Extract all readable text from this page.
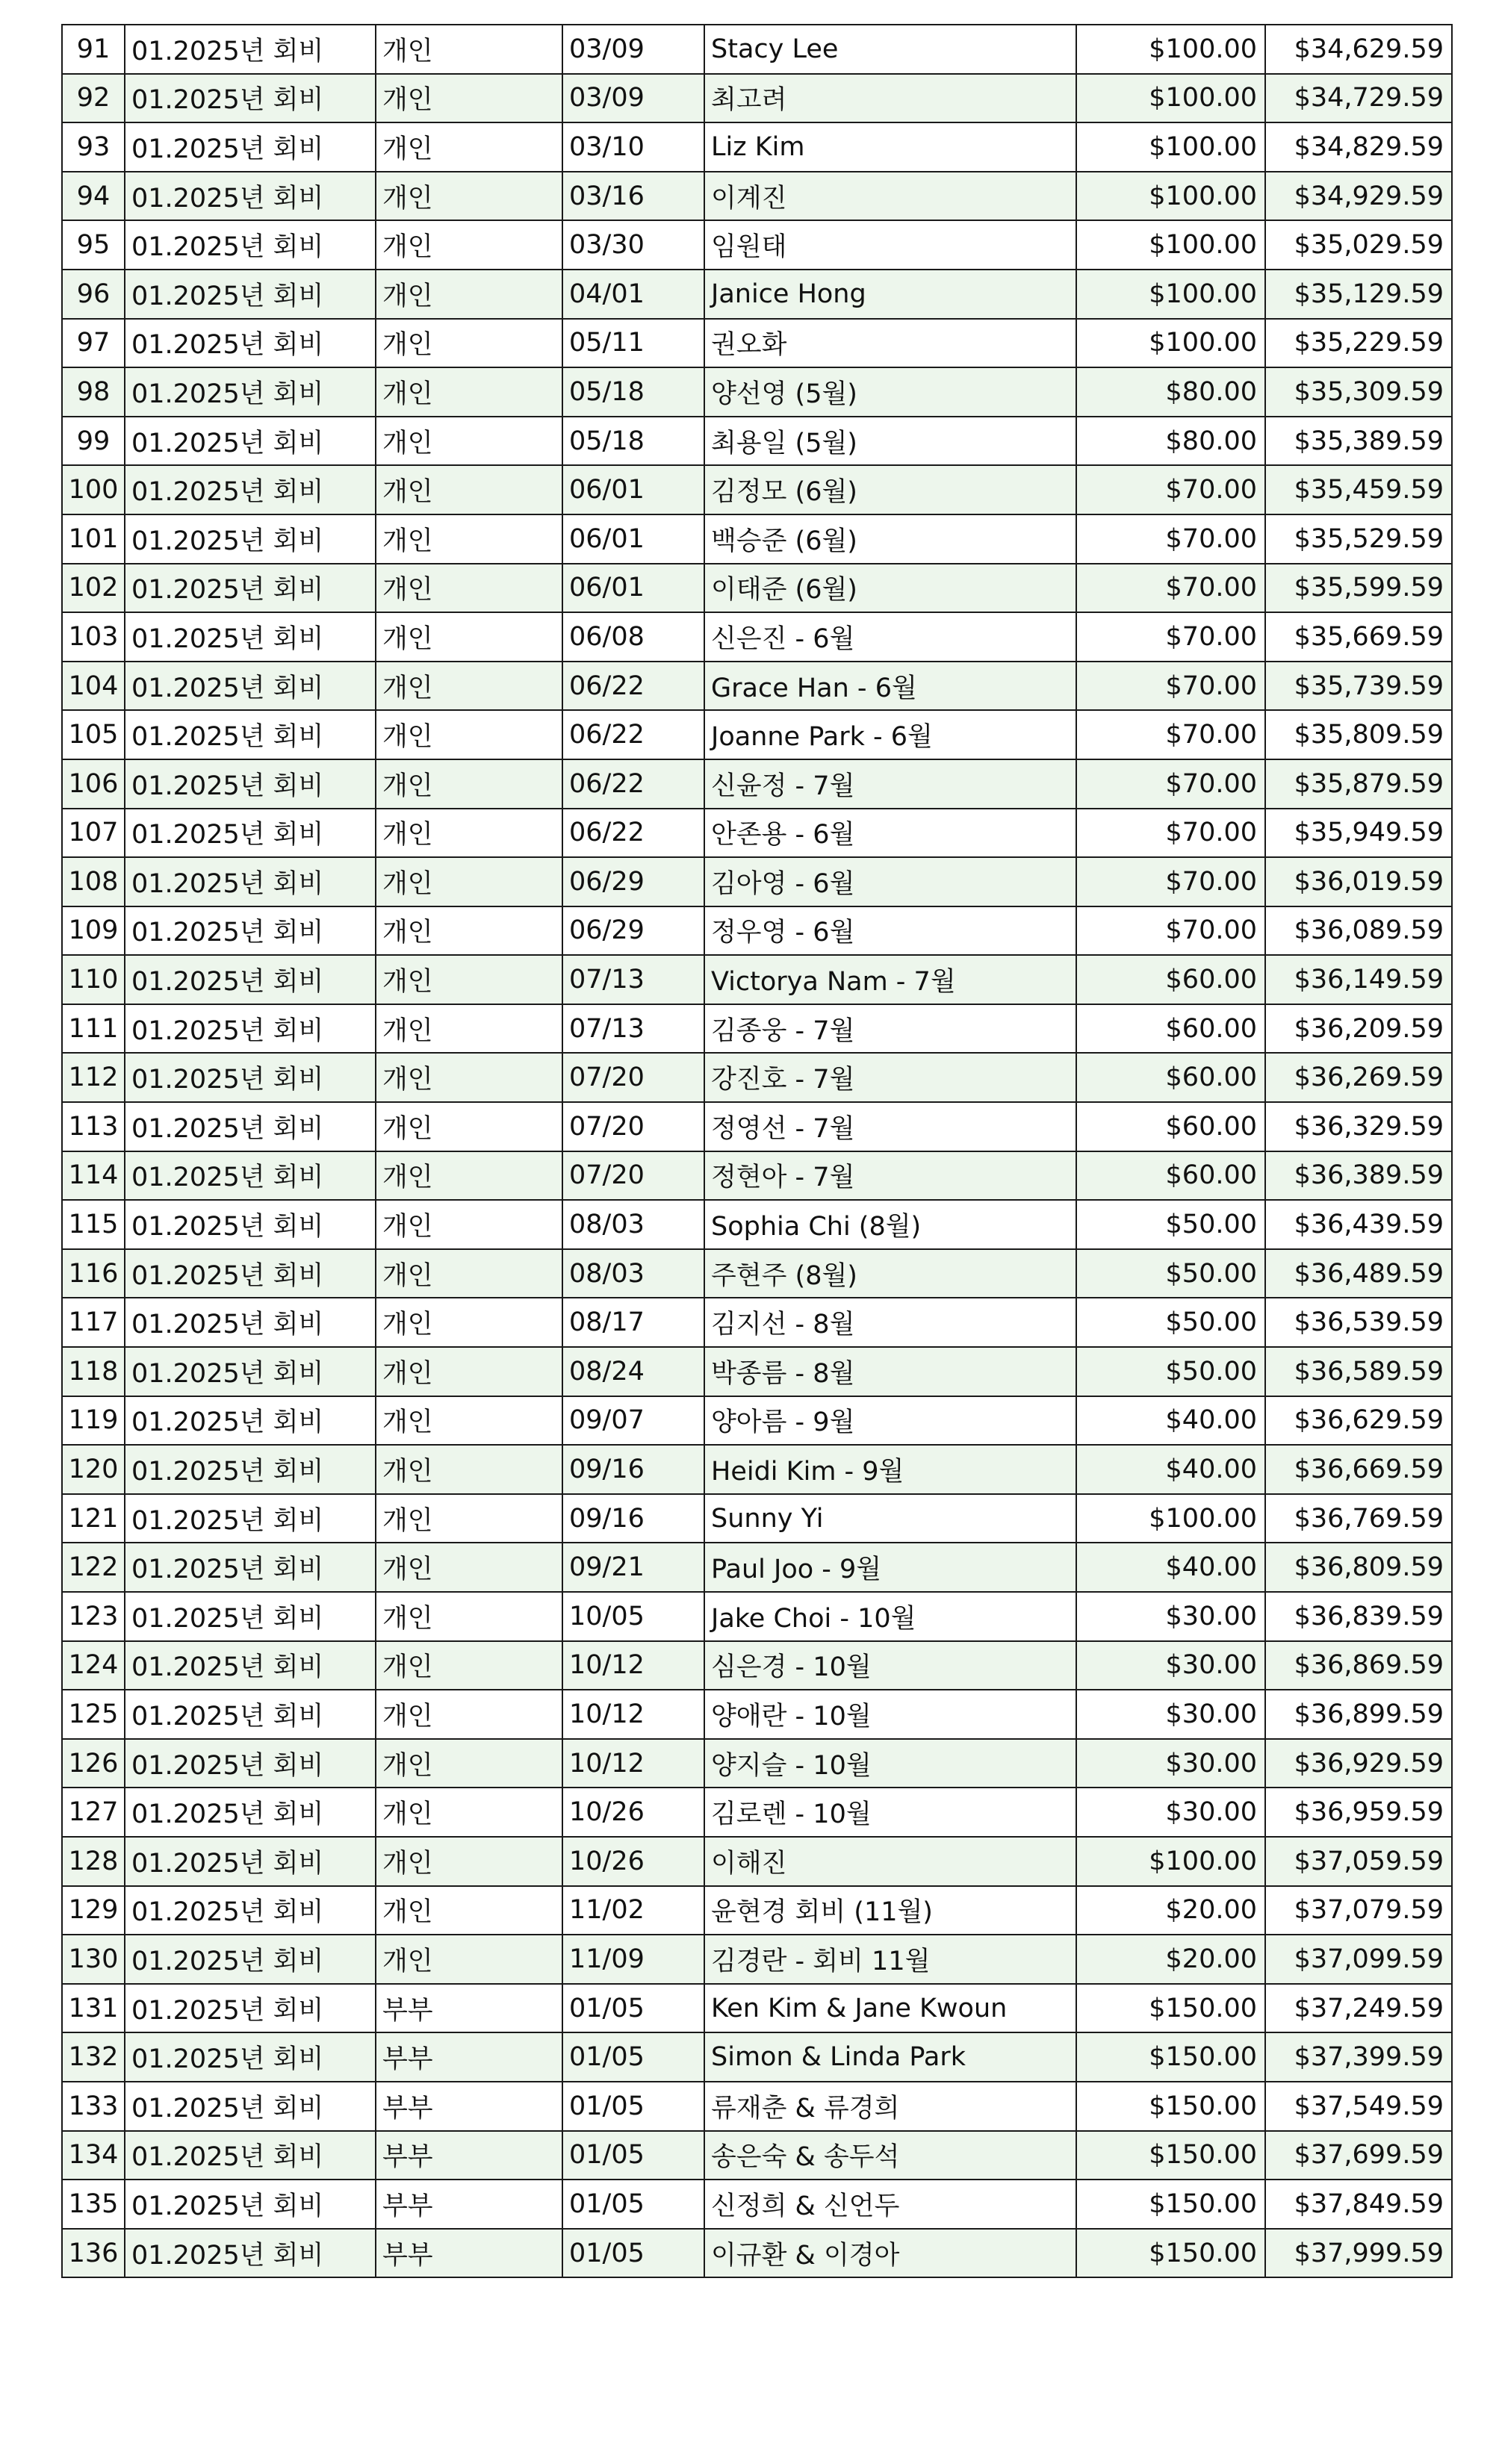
91	01.2025년 회비	개인	03/09	Stacy Lee	$100.00	$34,629.59
92	01.2025년 회비	개인	03/09	최고려	$100.00	$34,729.59
93	01.2025년 회비	개인	03/10	Liz Kim	$100.00	$34,829.59
94	01.2025년 회비	개인	03/16	이계진	$100.00	$34,929.59
95	01.2025년 회비	개인	03/30	임원태	$100.00	$35,029.59
96	01.2025년 회비	개인	04/01	Janice Hong	$100.00	$35,129.59
97	01.2025년 회비	개인	05/11	권오화	$100.00	$35,229.59
98	01.2025년 회비	개인	05/18	양선영 (5월)	$80.00	$35,309.59
99	01.2025년 회비	개인	05/18	최용일 (5월)	$80.00	$35,389.59
100	01.2025년 회비	개인	06/01	김정모 (6월)	$70.00	$35,459.59
101	01.2025년 회비	개인	06/01	백승준 (6월)	$70.00	$35,529.59
102	01.2025년 회비	개인	06/01	이태준 (6월)	$70.00	$35,599.59
103	01.2025년 회비	개인	06/08	신은진 - 6월	$70.00	$35,669.59
104	01.2025년 회비	개인	06/22	Grace Han - 6월	$70.00	$35,739.59
105	01.2025년 회비	개인	06/22	Joanne Park - 6월	$70.00	$35,809.59
106	01.2025년 회비	개인	06/22	신윤정 - 7월	$70.00	$35,879.59
107	01.2025년 회비	개인	06/22	안존용 - 6월	$70.00	$35,949.59
108	01.2025년 회비	개인	06/29	김아영 - 6월	$70.00	$36,019.59
109	01.2025년 회비	개인	06/29	정우영 - 6월	$70.00	$36,089.59
110	01.2025년 회비	개인	07/13	Victorya Nam - 7월	$60.00	$36,149.59
111	01.2025년 회비	개인	07/13	김종웅 - 7월	$60.00	$36,209.59
112	01.2025년 회비	개인	07/20	강진호 - 7월	$60.00	$36,269.59
113	01.2025년 회비	개인	07/20	정영선 - 7월	$60.00	$36,329.59
114	01.2025년 회비	개인	07/20	정현아 - 7월	$60.00	$36,389.59
115	01.2025년 회비	개인	08/03	Sophia Chi (8월)	$50.00	$36,439.59
116	01.2025년 회비	개인	08/03	주현주 (8월)	$50.00	$36,489.59
117	01.2025년 회비	개인	08/17	김지선 - 8월	$50.00	$36,539.59
118	01.2025년 회비	개인	08/24	박종름 - 8월	$50.00	$36,589.59
119	01.2025년 회비	개인	09/07	양아름 - 9월	$40.00	$36,629.59
120	01.2025년 회비	개인	09/16	Heidi Kim - 9월	$40.00	$36,669.59
121	01.2025년 회비	개인	09/16	Sunny Yi	$100.00	$36,769.59
122	01.2025년 회비	개인	09/21	Paul Joo - 9월	$40.00	$36,809.59
123	01.2025년 회비	개인	10/05	Jake Choi - 10월	$30.00	$36,839.59
124	01.2025년 회비	개인	10/12	심은경 - 10월	$30.00	$36,869.59
125	01.2025년 회비	개인	10/12	양애란 - 10월	$30.00	$36,899.59
126	01.2025년 회비	개인	10/12	양지슬 - 10월	$30.00	$36,929.59
127	01.2025년 회비	개인	10/26	김로렌 - 10월	$30.00	$36,959.59
128	01.2025년 회비	개인	10/26	이해진	$100.00	$37,059.59
129	01.2025년 회비	개인	11/02	윤현경 회비 (11월)	$20.00	$37,079.59
130	01.2025년 회비	개인	11/09	김경란 - 회비 11월	$20.00	$37,099.59
131	01.2025년 회비	부부	01/05	Ken Kim & Jane Kwoun	$150.00	$37,249.59
132	01.2025년 회비	부부	01/05	Simon & Linda Park	$150.00	$37,399.59
133	01.2025년 회비	부부	01/05	류재춘 & 류경희	$150.00	$37,549.59
134	01.2025년 회비	부부	01/05	송은숙 & 송두석	$150.00	$37,699.59
135	01.2025년 회비	부부	01/05	신정희 & 신언두	$150.00	$37,849.59
136	01.2025년 회비	부부	01/05	이규환 & 이경아	$150.00	$37,999.59
